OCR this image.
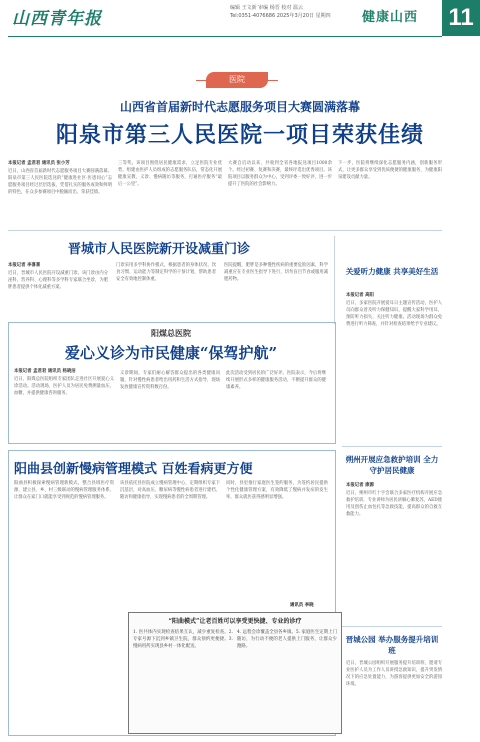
山西青年报
编辑 王文新 审编 杨晋 校对 温云
Tel:0351-4076686 2025年3月20日 星期四	健康山西 11
医院
山西省首届新时代志愿服务项目大赛圆满落幕
阳泉市第三人民医院一项目荣获佳绩
本报记者 孟君君 通讯员 张小芳
近日，山西省首届新时代志愿服务项目大赛圆满落幕。阳泉市第三人民医院选送的“健康进社区·医患同心”志愿服务项目经过层层选拔，凭借扎实的服务成效和鲜明的特色，在众多参赛项目中脱颖而出，荣获佳绩。
三等奖。该项目围绕居民健康需求，立足医院专业优势，组建由医护人员组成的志愿服务队伍，常态化开展健康宣教、义诊、慢病随访等服务，打通医疗服务“最后一公里”。
大赛自启动以来，共收到全省各地报送项目1000余个。经过初赛、复赛和决赛，最终评选出优秀项目。该院项目以服务群众为中心，受到评委一致好评，进一步提升了医院的社会影响力。
下一步，医院将继续深化志愿服务内涵，创新服务形式，让更多群众享受到优质便捷的健康服务，为健康阳泉建设贡献力量。
晋城市人民医院新开设减重门诊
本报记者 李喜喜
近日，晋城市人民医院开设减重门诊。该门诊由内分泌科、营养科、心理科等多学科专家联合坐诊，为肥胖患者提供个体化减重方案。
门诊采用多学科协作模式，根据患者的身体状况、饮食习惯、运动能力等制定科学的干预计划，帮助患者安全有效地控制体重。
医院提醒，肥胖是多种慢性疾病的重要危险因素，科学减重应在专业医生指导下进行，切勿盲目节食或服用减肥药物。
阳煤总医院
爱心义诊为市民健康“保驾护航”
本报记者 孟君君 通讯员 杨晓洁
近日，阳煤总医院组织专家团队走进社区开展爱心义诊活动。活动现场，医护人员为居民免费测量血压、血糖，并提供健康咨询服务。
义诊期间，专家们耐心解答群众提出的各类健康问题，针对慢性病患者给出用药和生活方式指导，现场发放健康宣传资料数百份。
此次活动受到居民的广泛好评。医院表示，今后将继续开展形式多样的健康服务活动，不断提升群众的健康素养。
阳曲县创新慢病管理模式 百姓看病更方便
阳曲县积极探索慢病管理新模式，整合县域医疗资源，建立县、乡、村三级联动的慢病管理服务体系，让群众在家门口就能享受到规范的慢病管理服务。
该县依托县医院成立慢病管理中心，定期组织专家下沉基层，对高血压、糖尿病等慢性病患者进行建档、随访和健康指导，实现慢病患者的全周期管理。
同时，县里推行家庭医生签约服务，为签约居民提供个性化健康管理方案，有效降低了慢病并发症的发生率，群众就医获得感明显增强。
通讯员 李晓
“阳曲模式”让老百姓可以享受更快捷、专业的诊疗
1. 医共体内实现检查结果互认，减少重复检查。2. 专家号源下沉到乡镇卫生院，群众预约更便捷。3. 慢病用药实现县乡村一体化配送。
4. 远程会诊覆盖全县各乡镇。5. 家庭医生定期上门随访，为行动不便的老人提供上门服务，让群众少跑路。
关爱听力健康 共享美好生活
本报记者 高阳
近日，多家医院开展爱耳日主题宣传活动，医护人员向群众普及听力保健知识，提醒大家科学用耳、预防听力损失，关注听力健康。活动现场为群众免费进行听力筛查，并针对检查结果给予专业建议。
朔州开展应急救护培训 全力守护居民健康
本报记者 康源
近日，朔州市红十字会联合多家医疗机构开展应急救护培训，专业讲师为居民讲解心肺复苏、AED使用及创伤止血包扎等急救技能，提高群众的自救互救能力。
晋城公园 举办服务提升培训班
近日，晋城公园组织开展服务提升培训班，邀请专业医护人员为工作人员讲授急救知识，提升突发情况下的应急处置能力，为游客提供更加安全的游园环境。
